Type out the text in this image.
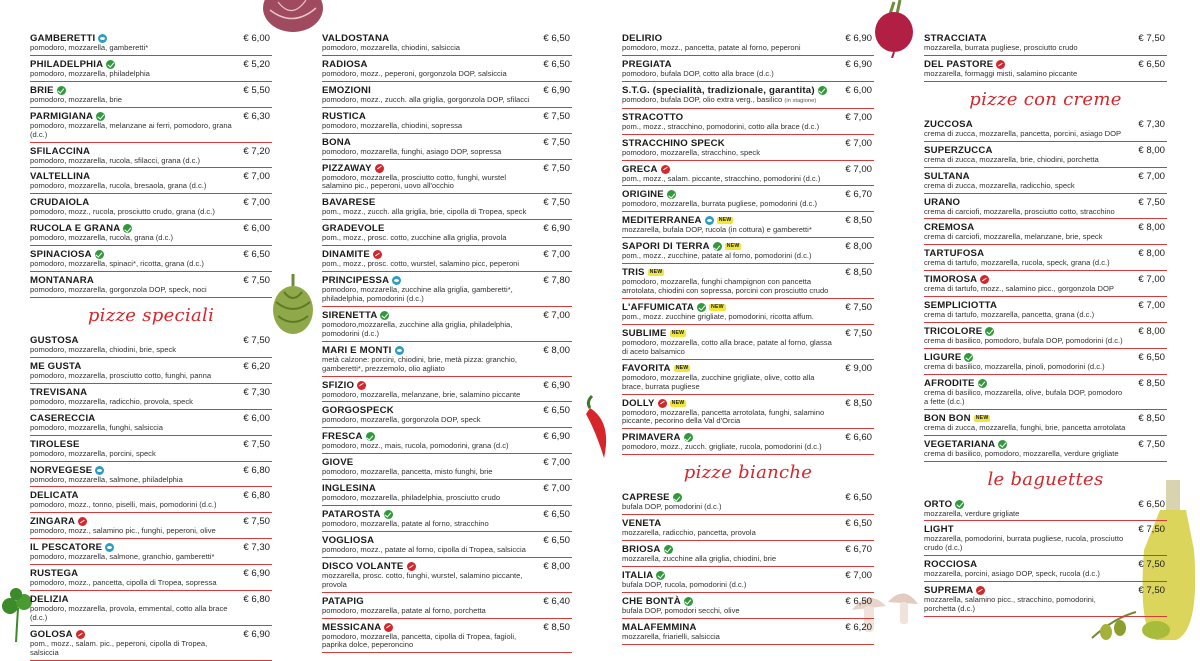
GAMBERETTI	€ 6,00
pomodoro, mozzarella, gamberetti*
PHILADELPHIA	€ 5,20
pomodoro, mozzarella, philadelphia
BRIE	€ 5,50
pomodoro, mozzarella, brie
PARMIGIANA	€ 6,30
pomodoro, mozzarella, melanzane ai ferri, pomodoro, grana (d.c.)
SFILACCINA	€ 7,20
pomodoro, mozzarella, rucola, sfilacci, grana (d.c.)
VALTELLINA	€ 7,00
pomodoro, mozzarella, rucola, bresaola, grana (d.c.)
CRUDAIOLA	€ 7,00
pomodoro, mozz., rucola, prosciutto crudo, grana (d.c.)
RUCOLA E GRANA	€ 6,00
pomodoro, mozzarella, rucola, grana (d.c.)
SPINACIOSA	€ 6,50
pomodoro, mozzarella, spinaci*, ricotta, grana (d.c.)
MONTANARA	€ 7,50
pomodoro, mozzarella, gorgonzola DOP, speck, noci
pizze speciali
GUSTOSA	€ 7,50
pomodoro, mozzarella, chiodini, brie, speck
ME GUSTA	€ 6,20
pomodoro, mozzarella, prosciutto cotto, funghi, panna
TREVISANA	€ 7,30
pomodoro, mozzarella, radicchio, provola, speck
CASERECCIA	€ 6,00
pomodoro, mozzarella, funghi, salsiccia
TIROLESE	€ 7,50
pomodoro, mozzarella, porcini, speck
NORVEGESE	€ 6,80
pomodoro, mozzarella, salmone, philadelphia
DELICATA	€ 6,80
pomodoro, mozz., tonno, piselli, mais, pomodorini (d.c.)
ZINGARA	€ 7,50
pomodoro, mozz., salamino pic., funghi, peperoni, olive
IL PESCATORE	€ 7,30
pomodoro, mozzarella, salmone, granchio, gamberetti*
RUSTEGA	€ 6,90
pomodoro, mozz., pancetta, cipolla di Tropea, sopressa
DELIZIA	€ 6,80
pomodoro, mozzarella, provola, emmental, cotto alla brace (d.c.)
GOLOSA	€ 6,90
pom., mozz., salam. pic., peperoni, cipolla di Tropea, salsiccia
VALDOSTANA	€ 6,50
pomodoro, mozzarella, chiodini, salsiccia
RADIOSA	€ 6,50
pomodoro, mozz., peperoni, gorgonzola DOP, salsiccia
EMOZIONI	€ 6,90
pomodoro, mozz., zucch. alla griglia, gorgonzola DOP, sfilacci
RUSTICA	€ 7,50
pomodoro, mozzarella, chiodini, sopressa
BONA	€ 7,50
pomodoro, mozzarella, funghi, asiago DOP, sopressa
PIZZAWAY	€ 7,50
pomodoro, mozzarella, prosciutto cotto, funghi, wurstel salamino pic., peperoni, uovo all'occhio
BAVARESE	€ 7,50
pom., mozz., zucch. alla griglia, brie, cipolla di Tropea, speck
GRADEVOLE	€ 6,90
pom., mozz., prosc. cotto, zucchine alla griglia, provola
DINAMITE	€ 7,00
pom., mozz., prosc. cotto, wurstel, salamino picc, peperoni
PRINCIPESSA	€ 7,80
pomodoro, mozzarella, zucchine alla griglia, gamberetti*, philadelphia, pomodorini (d.c.)
SIRENETTA	€ 7,00
pomodoro,mozzarella, zucchine alla griglia, philadelphia, pomodorini (d.c.)
MARI E MONTI	€ 8,00
metà calzone: porcini, chiodini, brie, metà pizza: granchio, gamberetti*, prezzemolo, olio agliato
SFIZIO	€ 6,90
pomodoro, mozzarella, melanzane, brie, salamino piccante
GORGOSPECK	€ 6,50
pomodoro, mozzarella, gorgonzola DOP, speck
FRESCA	€ 6,90
pomodoro, mozz., mais, rucola, pomodorini, grana (d.c)
GIOVE	€ 7,00
pomodoro, mozzarella, pancetta, misto funghi, brie
INGLESINA	€ 7,00
pomodoro, mozzarella, philadelphia, prosciutto crudo
PATAROSTA	€ 6,50
pomodoro, mozzarella, patate al forno, stracchino
VOGLIOSA	€ 6,50
pomodoro, mozz., patate al forno, cipolla di Tropea, salsiccia
DISCO VOLANTE	€ 8,00
mozzarella, prosc. cotto, funghi, wurstel, salamino piccante, provola
PATAPIG	€ 6,40
pomodoro, mozzarella, patate al forno, porchetta
MESSICANA	€ 8,50
pomodoro, mozzarella, pancetta, cipolla di Tropea, fagioli, paprika dolce, peperoncino
DELIRIO	€ 6,90
pomodoro, mozz., pancetta, patate al forno, peperoni
PREGIATA	€ 6,90
pomodoro, bufala DOP, cotto alla brace (d.c.)
S.T.G. (specialità, tradizionale, garantita)	€ 6,00
pomodoro, bufala DOP, olio extra verg., basilico (in stagione)
STRACOTTO	€ 7,00
pom., mozz., stracchino, pomodorini, cotto alla brace (d.c.)
STRACCHINO SPECK	€ 7,00
pomodoro, mozzarella, stracchino, speck
GRECA	€ 7,00
pom., mozz., salam. piccante, stracchino, pomodorini (d.c.)
ORIGINE	€ 6,70
pomodoro, mozzarella, burrata pugliese, pomodorini (d.c.)
MEDITERRANEA	NEW	€ 8,50
mozzarella, bufala DOP, rucola (in cottura) e gamberetti*
SAPORI DI TERRA	NEW	€ 8,00
pom., mozz., zucchine, patate al forno, pomodorini (d.c.)
TRIS NEW	€ 8,50
pomodoro, mozzarella, funghi champignon con pancetta arrotolata, chiodini con sopressa, porcini con prosciutto crudo
L'AFFUMICATA	NEW	€ 7,50
pom., mozz. zucchine grigliate, pomodorini, ricotta affum.
SUBLIME NEW	€ 7,50
pomodoro, mozzarella, cotto alla brace, patate al forno, glassa di aceto balsamico
FAVORITA NEW	€ 9,00
pomodoro, mozzarella, zucchine grigliate, olive, cotto alla brace, burrata pugliese
DOLLY	NEW	€ 8,50
pomodoro, mozzarella, pancetta arrotolata, funghi, salamino piccante, pecorino della Val d'Orcia
PRIMAVERA	€ 6,60
pomodoro, mozz., zucch. grigliate, rucola, pomodorini (d.c.)
pizze bianche
CAPRESE	€ 6,50
bufala DOP, pomodorini (d.c.)
VENETA	€ 6,50
mozzarella, radicchio, pancetta, provola
BRIOSA	€ 6,70
mozzarella, zucchine alla griglia, chiodini, brie
ITALIA	€ 7,00
bufala DOP, rucola, pomodorini (d.c.)
CHE BONTÀ	€ 6,50
bufala DOP, pomodori secchi, olive
MALAFEMMINA	€ 6,20
mozzarella, friarielli, salsiccia
STRACCIATA	€ 7,50
mozzarella, burrata pugliese, prosciutto crudo
DEL PASTORE	€ 6,50
mozzarella, formaggi misti, salamino piccante
pizze con creme
ZUCCOSA	€ 7,30
crema di zucca, mozzarella, pancetta, porcini, asiago DOP
SUPERZUCCA	€ 8,00
crema di zucca, mozzarella, brie, chiodini, porchetta
SULTANA	€ 7,00
crema di zucca, mozzarella, radicchio, speck
URANO	€ 7,50
crema di carciofi, mozzarella, prosciutto cotto, stracchino
CREMOSA	€ 8,00
crema di carciofi, mozzarella, melanzane, brie, speck
TARTUFOSA	€ 8,00
crema di tartufo, mozzarella, rucola, speck, grana (d.c.)
TIMOROSA	€ 7,00
crema di tartufo, mozz., salamino picc., gorgonzola DOP
SEMPLICIOTTA	€ 7,00
crema di tartufo, mozzarella, pancetta, grana (d.c.)
TRICOLORE	€ 8,00
crema di basilico, pomodoro, bufala DOP, pomodorini (d.c.)
LIGURE	€ 6,50
crema di basilico, mozzarella, pinoli, pomodorini (d.c.)
AFRODITE	€ 8,50
crema di basilico, mozzarella, olive, bufala DOP, pomodoro a fette (d.c.)
BON BON NEW	€ 8,50
crema di zucca, mozzarella, funghi, brie, pancetta arrotolata
VEGETARIANA	€ 7,50
crema di basilico, pomodoro, mozzarella, verdure grigliate
le baguettes
ORTO	€ 6,50
mozzarella, verdure grigliate
LIGHT	€ 7,50
mozzarella, pomodorini, burrata pugliese, rucola, prosciutto crudo (d.c.)
ROCCIOSA	€ 7,50
mozzarella, porcini, asiago DOP, speck, rucola (d.c.)
SUPREMA	€ 7,50
mozzarella, salamino picc., stracchino, pomodorini, porchetta (d.c.)
